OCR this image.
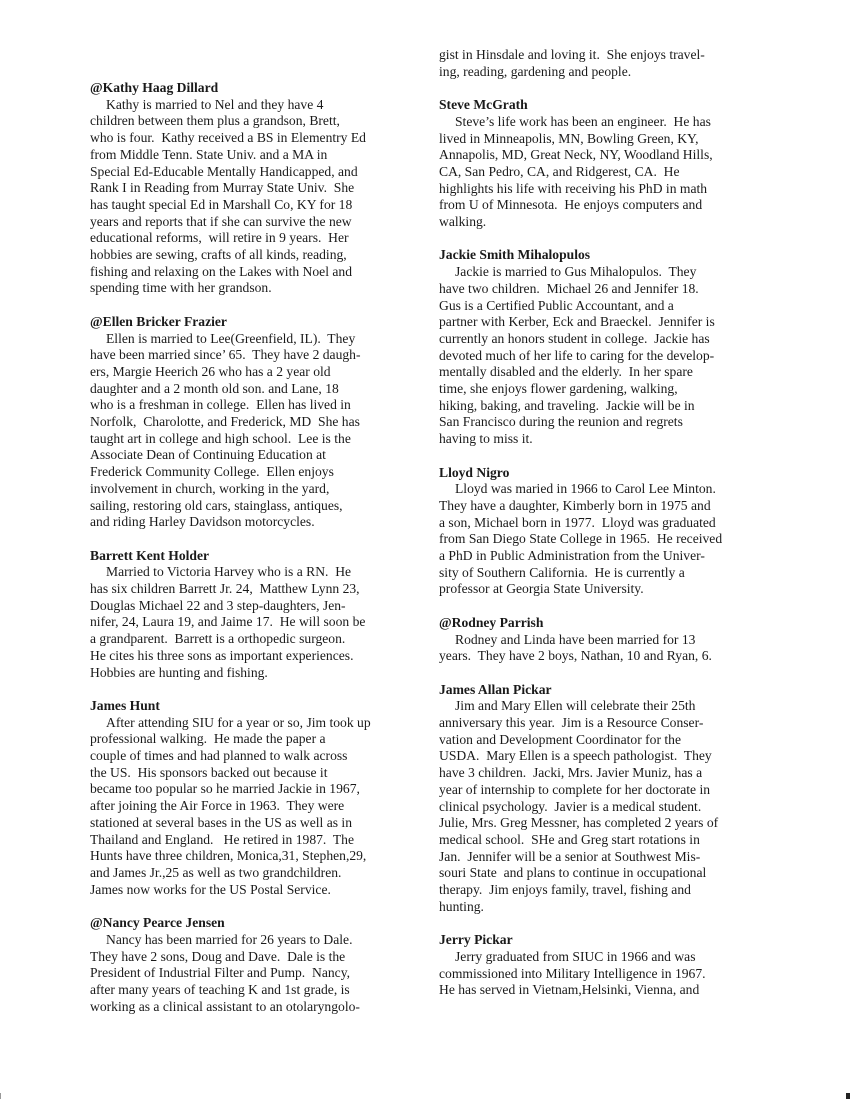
@Kathy Haag Dillard

Kathy is married to Nel and they have 4

children between them plus a grandson, Brett,

who is four.  Kathy received a BS in Elementry Ed

from Middle Tenn. State Univ. and a MA in

Special Ed-Educable Mentally Handicapped, and

Rank I in Reading from Murray State Univ.  She

has taught special Ed in Marshall Co, KY for 18

years and reports that if she can survive the new

educational reforms,  will retire in 9 years.  Her

hobbies are sewing, crafts of all kinds, reading,

fishing and relaxing on the Lakes with Noel and

spending time with her grandson.

@Ellen Bricker Frazier

Ellen is married to Lee(Greenfield, IL).  They

have been married since’ 65.  They have 2 daugh-

ers, Margie Heerich 26 who has a 2 year old

daughter and a 2 month old son. and Lane, 18

who is a freshman in college.  Ellen has lived in

Norfolk,  Charolotte, and Frederick, MD  She has

taught art in college and high school.  Lee is the

Associate Dean of Continuing Education at

Frederick Community College.  Ellen enjoys

involvement in church, working in the yard,

sailing, restoring old cars, stainglass, antiques,

and riding Harley Davidson motorcycles.

Barrett Kent Holder

Married to Victoria Harvey who is a RN.  He

has six children Barrett Jr. 24,  Matthew Lynn 23,

Douglas Michael 22 and 3 step-daughters, Jen-

nifer, 24, Laura 19, and Jaime 17.  He will soon be

a grandparent.  Barrett is a orthopedic surgeon.

He cites his three sons as important experiences.

Hobbies are hunting and fishing.

James Hunt

After attending SIU for a year or so, Jim took up

professional walking.  He made the paper a

couple of times and had planned to walk across

the US.  His sponsors backed out because it

became too popular so he married Jackie in 1967,

after joining the Air Force in 1963.  They were

stationed at several bases in the US as well as in

Thailand and England.   He retired in 1987.  The

Hunts have three children, Monica,31, Stephen,29,

and James Jr.,25 as well as two grandchildren.

James now works for the US Postal Service.

@Nancy Pearce Jensen

Nancy has been married for 26 years to Dale.

They have 2 sons, Doug and Dave.  Dale is the

President of Industrial Filter and Pump.  Nancy,

after many years of teaching K and 1st grade, is

working as a clinical assistant to an otolaryngolo-

gist in Hinsdale and loving it.  She enjoys travel-

ing, reading, gardening and people.

Steve McGrath

Steve’s life work has been an engineer.  He has

lived in Minneapolis, MN, Bowling Green, KY,

Annapolis, MD, Great Neck, NY, Woodland Hills,

CA, San Pedro, CA, and Ridgerest, CA.  He

highlights his life with receiving his PhD in math

from U of Minnesota.  He enjoys computers and

walking.

Jackie Smith Mihalopulos

Jackie is married to Gus Mihalopulos.  They

have two children.  Michael 26 and Jennifer 18.

Gus is a Certified Public Accountant, and a

partner with Kerber, Eck and Braeckel.  Jennifer is

currently an honors student in college.  Jackie has

devoted much of her life to caring for the develop-

mentally disabled and the elderly.  In her spare

time, she enjoys flower gardening, walking,

hiking, baking, and traveling.  Jackie will be in

San Francisco during the reunion and regrets

having to miss it.

Lloyd Nigro

Lloyd was maried in 1966 to Carol Lee Minton.

They have a daughter, Kimberly born in 1975 and

a son, Michael born in 1977.  Lloyd was graduated

from San Diego State College in 1965.  He received

a PhD in Public Administration from the Univer-

sity of Southern California.  He is currently a

professor at Georgia State University.

@Rodney Parrish

Rodney and Linda have been married for 13

years.  They have 2 boys, Nathan, 10 and Ryan, 6.

James Allan Pickar

Jim and Mary Ellen will celebrate their 25th

anniversary this year.  Jim is a Resource Conser-

vation and Development Coordinator for the

USDA.  Mary Ellen is a speech pathologist.  They

have 3 children.  Jacki, Mrs. Javier Muniz, has a

year of internship to complete for her doctorate in

clinical psychology.  Javier is a medical student.

Julie, Mrs. Greg Messner, has completed 2 years of

medical school.  SHe and Greg start rotations in

Jan.  Jennifer will be a senior at Southwest Mis-

souri State  and plans to continue in occupational

therapy.  Jim enjoys family, travel, fishing and

hunting.

Jerry Pickar

Jerry graduated from SIUC in 1966 and was

commissioned into Military Intelligence in 1967.

He has served in Vietnam,Helsinki, Vienna, and
